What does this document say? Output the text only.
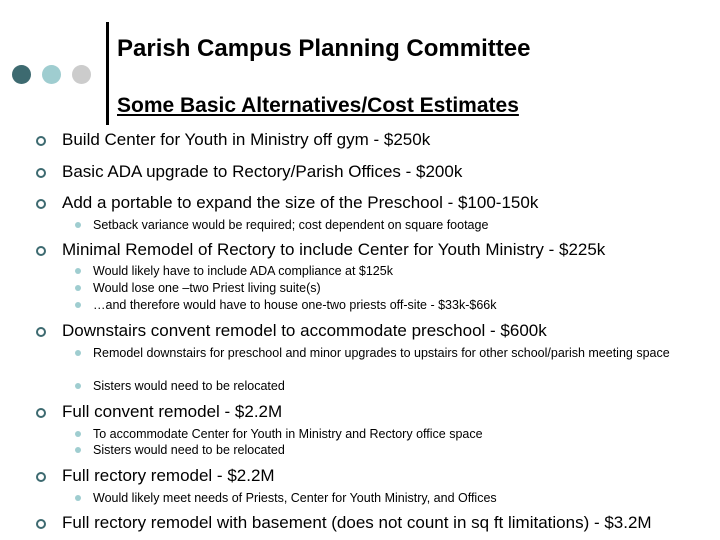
Parish Campus Planning Committee
Some Basic Alternatives/Cost Estimates
Build Center for Youth in Ministry off gym - $250k
Basic ADA upgrade to Rectory/Parish Offices - $200k
Add a portable to expand the size of the Preschool - $100-150k
Setback variance would be required; cost dependent on square footage
Minimal Remodel of Rectory to include Center for Youth Ministry - $225k
Would likely have to include ADA compliance at $125k
Would lose one –two Priest living suite(s)
…and therefore would have to house one-two priests off-site - $33k-$66k
Downstairs convent remodel to accommodate preschool - $600k
Remodel downstairs for preschool and minor upgrades to upstairs for other school/parish meeting space
Sisters would need to be relocated
Full convent remodel - $2.2M
To accommodate Center for Youth in Ministry and Rectory office space
Sisters would need to be relocated
Full rectory remodel - $2.2M
Would likely meet needs of Priests, Center for Youth Ministry, and Offices
Full rectory remodel with basement (does not count in sq ft limitations) - $3.2M
